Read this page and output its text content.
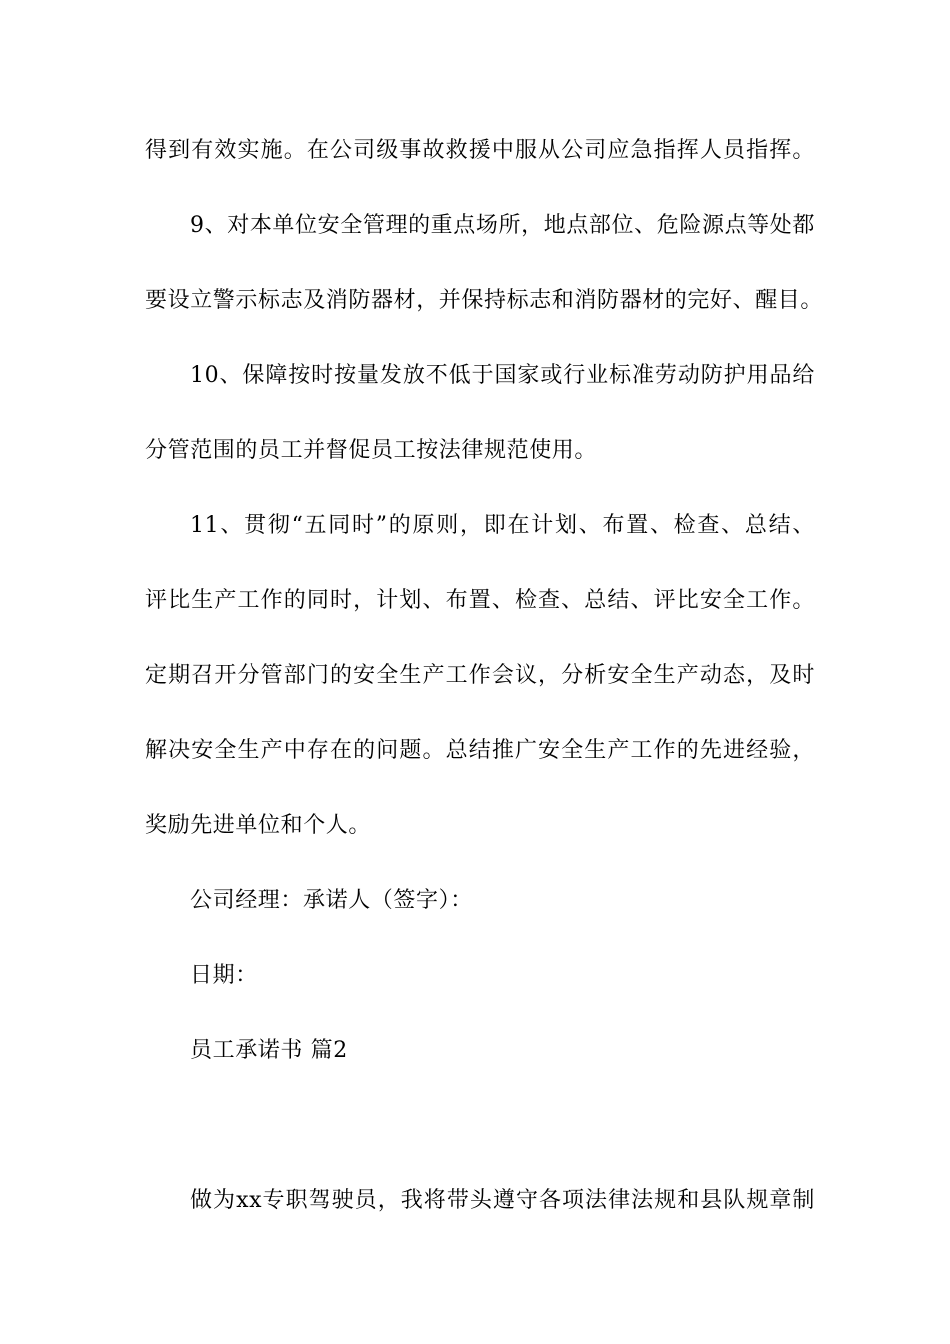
得到有效实施。在公司级事故救援中服从公司应急指挥人员指挥。
9、对本单位安全管理的重点场所，地点部位、危险源点等处都
要设立警示标志及消防器材，并保持标志和消防器材的完好、醒目。
10、保障按时按量发放不低于国家或行业标准劳动防护用品给
分管范围的员工并督促员工按法律规范使用。
11、贯彻“五同时”的原则，即在计划、布置、检查、总结、
评比生产工作的同时，计划、布置、检查、总结、评比安全工作。
定期召开分管部门的安全生产工作会议，分析安全生产动态，及时
解决安全生产中存在的问题。总结推广安全生产工作的先进经验，
奖励先进单位和个人。
公司经理：承诺人（签字）：
日期：
员工承诺书 篇2
做为xx专职驾驶员，我将带头遵守各项法律法规和县队规章制
